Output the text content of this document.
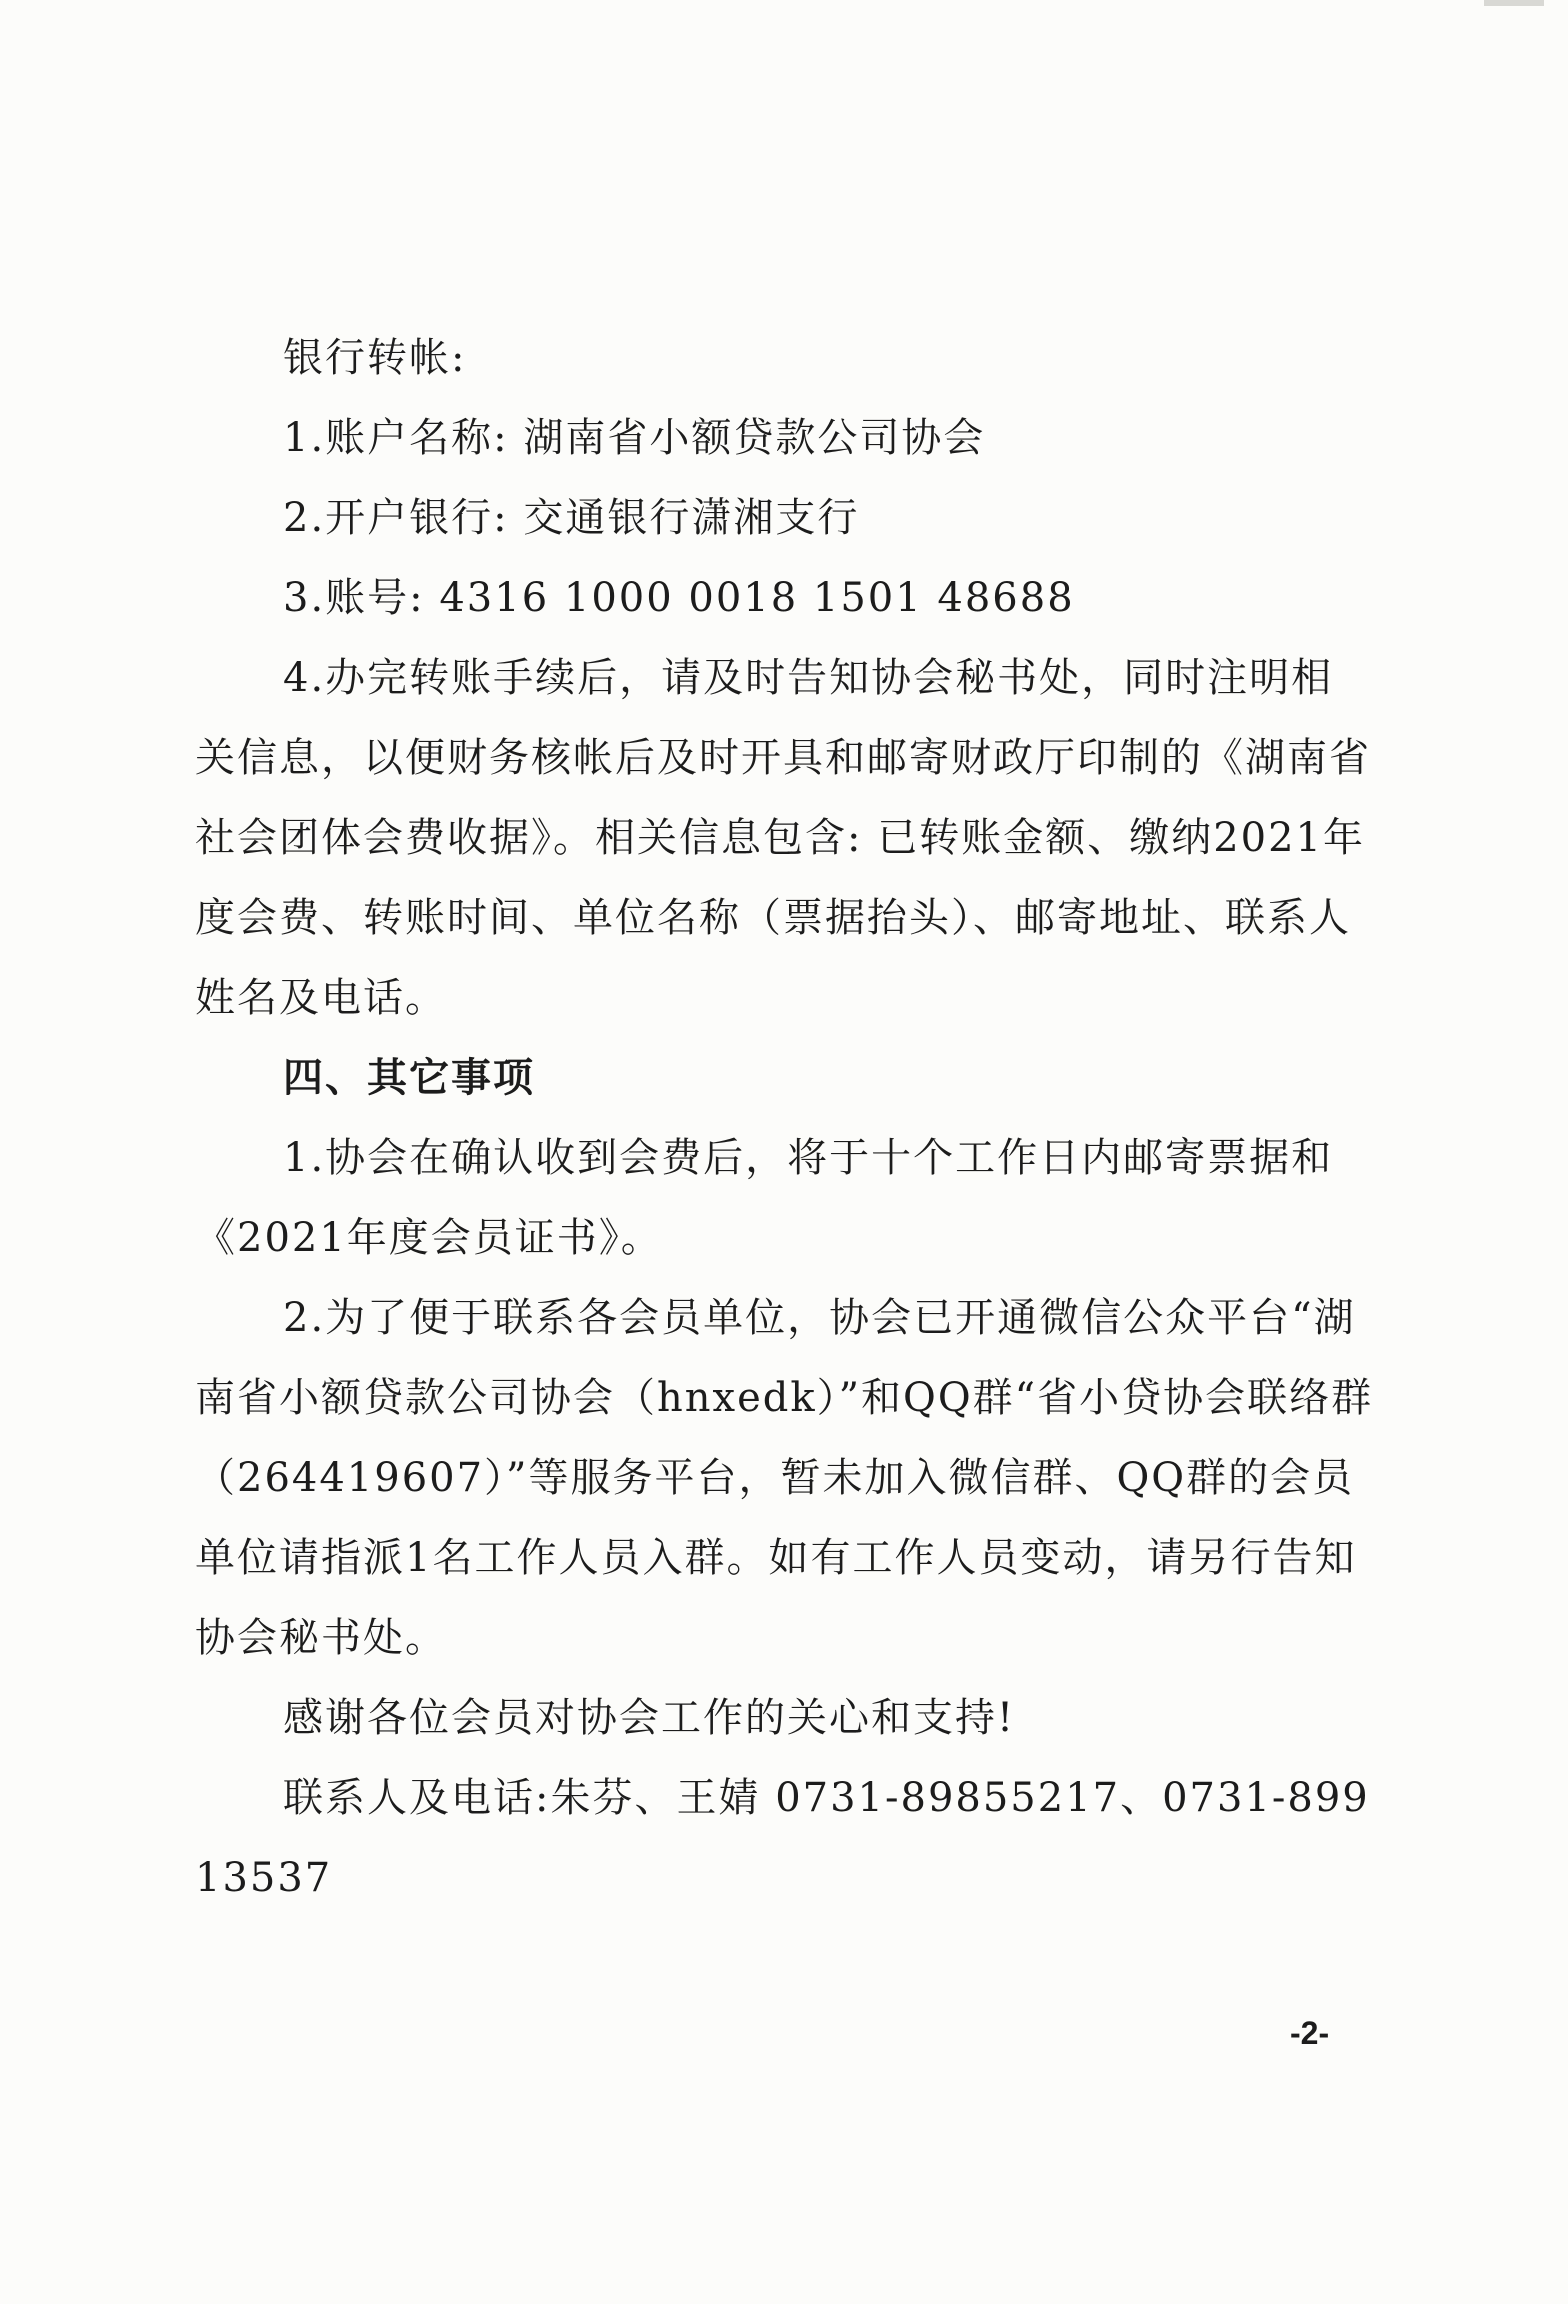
银行转帐:

1.账户名称: 湖南省小额贷款公司协会

2.开户银行: 交通银行潇湘支行

3.账号: 4316 1000 0018 1501 48688

4.办完转账手续后，请及时告知协会秘书处，同时注明相关信息，以便财务核帐后及时开具和邮寄财政厅印制的《湖南省社会团体会费收据》。相关信息包含: 已转账金额、缴纳2021年度会费、转账时间、单位名称（票据抬头）、邮寄地址、联系人姓名及电话。

四、其它事项

1.协会在确认收到会费后，将于十个工作日内邮寄票据和《2021年度会员证书》。

2.为了便于联系各会员单位，协会已开通微信公众平台“湖南省小额贷款公司协会（hnxedk）”和QQ群“省小贷协会联络群（264419607）”等服务平台，暂未加入微信群、QQ群的会员单位请指派1名工作人员入群。如有工作人员变动，请另行告知协会秘书处。

感谢各位会员对协会工作的关心和支持!

联系人及电话:朱芬、王婧 0731-89855217、0731-89913537

-2-
